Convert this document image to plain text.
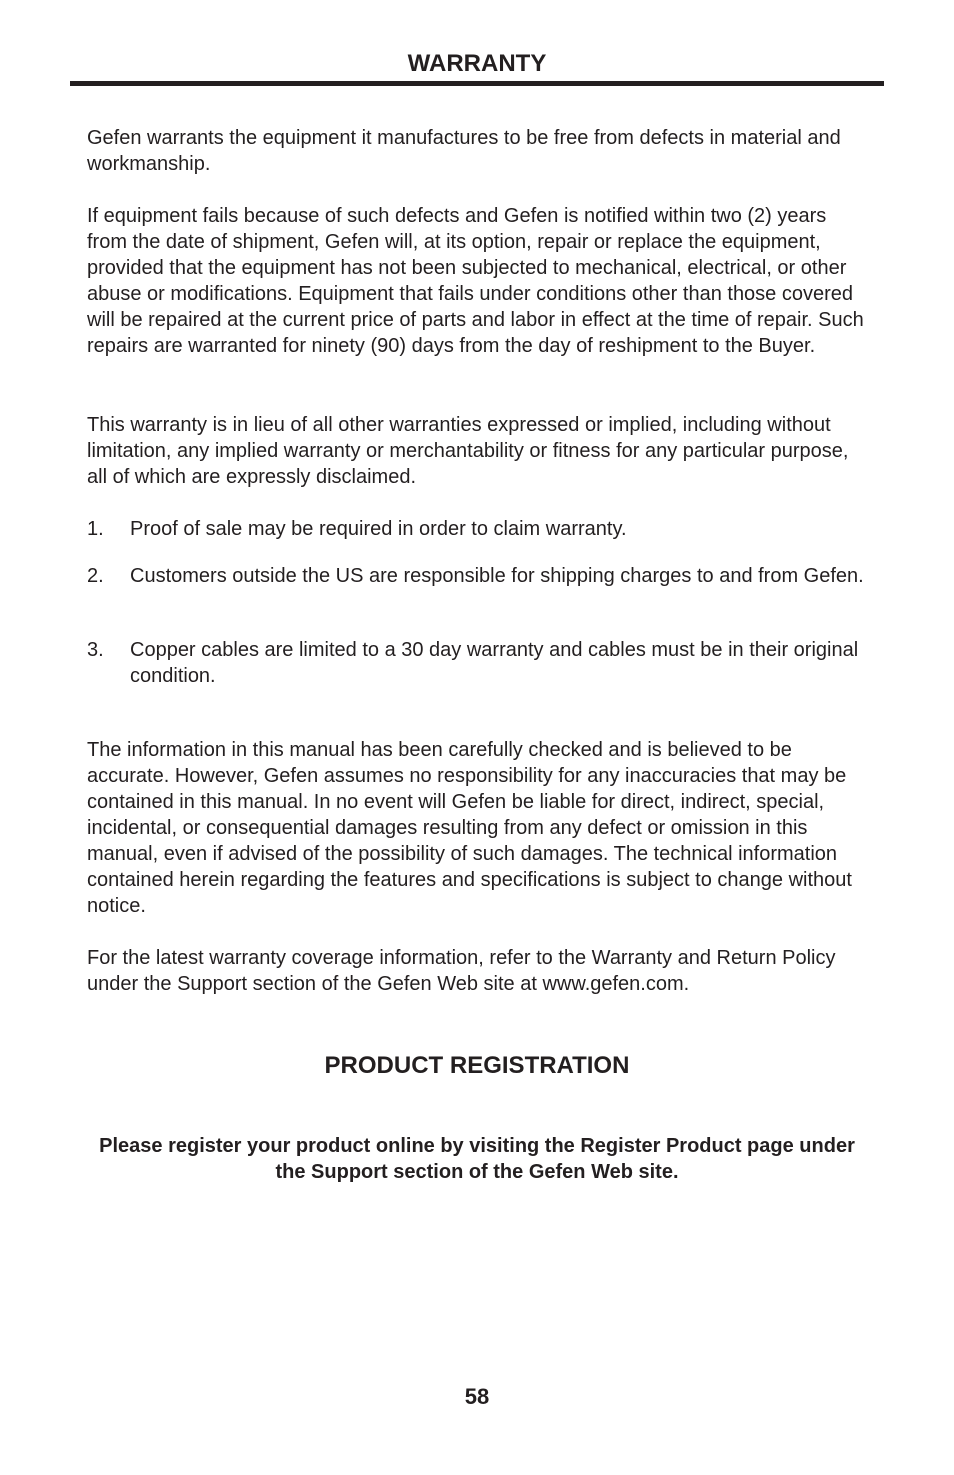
WARRANTY

Gefen warrants the equipment it manufactures to be free from defects in material and workmanship.

If equipment fails because of such defects and Gefen is notified within two (2) years from the date of shipment, Gefen will, at its option, repair or replace the equipment, provided that the equipment has not been subjected to mechanical, electrical, or other abuse or modifications. Equipment that fails under conditions other than those covered will be repaired at the current price of parts and labor in effect at the time of repair. Such repairs are warranted for ninety (90) days from the day of reshipment to the Buyer.

This warranty is in lieu of all other warranties expressed or implied, including without limitation, any implied warranty or merchantability or fitness for any particular purpose, all of which are expressly disclaimed.

1. Proof of sale may be required in order to claim warranty.
2. Customers outside the US are responsible for shipping charges to and from Gefen.
3. Copper cables are limited to a 30 day warranty and cables must be in their original condition.

The information in this manual has been carefully checked and is believed to be accurate. However, Gefen assumes no responsibility for any inaccuracies that may be contained in this manual. In no event will Gefen be liable for direct, indirect, special, incidental, or consequential damages resulting from any defect or omission in this manual, even if advised of the possibility of such damages. The technical information contained herein regarding the features and specifications is subject to change without notice.

For the latest warranty coverage information, refer to the Warranty and Return Policy under the Support section of the Gefen Web site at www.gefen.com.

PRODUCT REGISTRATION

Please register your product online by visiting the Register Product page under the Support section of the Gefen Web site.

58
